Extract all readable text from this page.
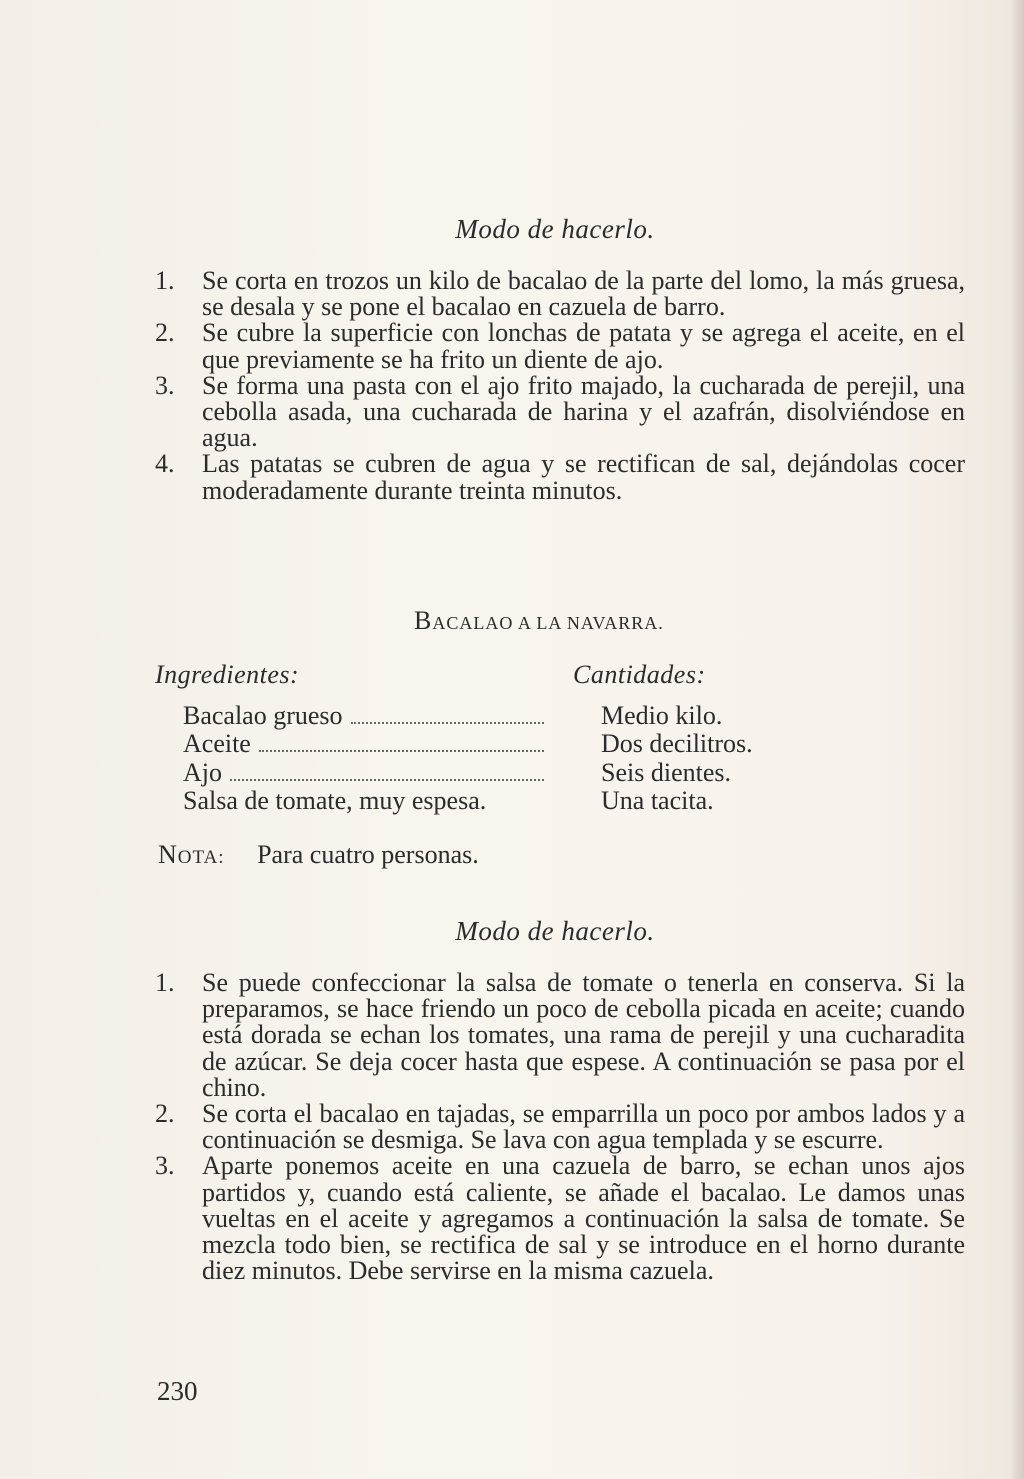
Modo de hacerlo.
1. Se corta en trozos un kilo de bacalao de la parte del lomo, la más gruesa, se desala y se pone el bacalao en cazuela de barro.
2. Se cubre la superficie con lonchas de patata y se agrega el aceite, en el que previamente se ha frito un diente de ajo.
3. Se forma una pasta con el ajo frito majado, la cucharada de perejil, una cebolla asada, una cucharada de harina y el azafrán, disolviéndose en agua.
4. Las patatas se cubren de agua y se rectifican de sal, dejándolas cocer moderadamente durante treinta minutos.
BACALAO A LA NAVARRA.
Ingredientes:	Cantidades:
Bacalao grueso
Aceite
Ajo
Salsa de tomate, muy espesa.
Medio kilo.
Dos decilitros.
Seis dientes.
Una tacita.
NOTA: Para cuatro personas.
Modo de hacerlo.
1. Se puede confeccionar la salsa de tomate o tenerla en conserva. Si la preparamos, se hace friendo un poco de cebolla picada en aceite; cuando está dorada se echan los tomates, una rama de perejil y una cucharadita de azúcar. Se deja cocer hasta que espese. A continuación se pasa por el chino.
2. Se corta el bacalao en tajadas, se emparrilla un poco por ambos lados y a continuación se desmiga. Se lava con agua templada y se escurre.
3. Aparte ponemos aceite en una cazuela de barro, se echan unos ajos partidos y, cuando está caliente, se añade el bacalao. Le damos unas vueltas en el aceite y agregamos a continuación la salsa de tomate. Se mezcla todo bien, se rectifica de sal y se introduce en el horno durante diez minutos. Debe servirse en la misma cazuela.
230
